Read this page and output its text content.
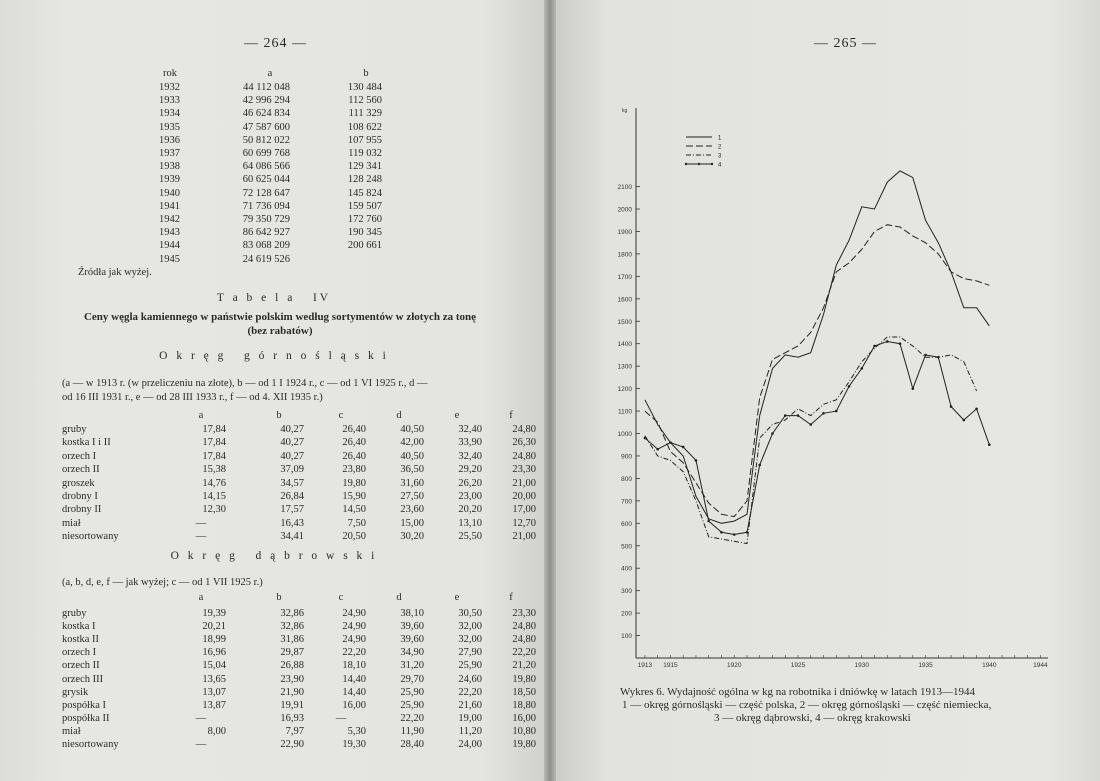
— 264 —
rok	a	b
1932	44 112 048	130 484
1933	42 996 294	112 560
1934	46 624 834	111 329
1935	47 587 600	108 622
1936	50 812 022	107 955
1937	60 699 768	119 032
1938	64 086 566	129 341
1939	60 625 044	128 248
1940	72 128 647	145 824
1941	71 736 094	159 507
1942	79 350 729	172 760
1943	86 642 927	190 345
1944	83 068 209	200 661
1945	24 619 526
Źródła jak wyżej.
T a b e l a   IV
Ceny węgla kamiennego w państwie polskim według sortymentów w złotych za tonę
(bez rabatów)
O k r ę g   g ó r n o ś l ą s k i
(a — w 1913 r. (w przeliczeniu na złote), b — od 1 I 1924 r., c — od 1 VI 1925 r., d —
od 16 III 1931 r., e — od 28 III 1933 r., f — od 4. XII 1935 r.)
a	b	c	d	e	f
gruby	17,84	40,27	26,40	40,50	32,40	24,80
kostka I i II	17,84	40,27	26,40	42,00	33,90	26,30
orzech I	17,84	40,27	26,40	40,50	32,40	24,80
orzech II	15,38	37,09	23,80	36,50	29,20	23,30
groszek	14,76	34,57	19,80	31,60	26,20	21,00
drobny I	14,15	26,84	15,90	27,50	23,00	20,00
drobny II	12,30	17,57	14,50	23,60	20,20	17,00
miał	—	16,43	7,50	15,00	13,10	12,70
niesortowany	—	34,41	20,50	30,20	25,50	21,00
O k r ę g   d ą b r o w s k i
(a, b, d, e, f — jak wyżej; c — od 1 VII 1925 r.)
a	b	c	d	e	f
gruby	19,39	32,86	24,90	38,10	30,50	23,30
kostka I	20,21	32,86	24,90	39,60	32,00	24,80
kostka II	18,99	31,86	24,90	39,60	32,00	24,80
orzech I	16,96	29,87	22,20	34,90	27,90	22,20
orzech II	15,04	26,88	18,10	31,20	25,90	21,20
orzech III	13,65	23,90	14,40	29,70	24,60	19,80
grysik	13,07	21,90	14,40	25,90	22,20	18,50
pospółka I	13,87	19,91	16,00	25,90	21,60	18,80
pospółka II	—	16,93	—	22,20	19,00	16,00
miał	8,00	7,97	5,30	11,90	11,20	10,80
niesortowany	—	22,90	19,30	28,40	24,00	19,80
— 265 —
kg
100
200
300
400
500
600
700
800
900
1000
1100
1200
1300
1400
1500
1600
1700
1800
1900
2000
2100
1913 1915	1920	1925	1930	1935	1940	1944
1
2
3
4
Wykres 6. Wydajność ogólna w kg na robotnika i dniówkę w latach 1913—1944
1 — okręg górnośląski — część polska, 2 — okręg górnośląski — część niemiecka,
3 — okręg dąbrowski, 4 — okręg krakowski
